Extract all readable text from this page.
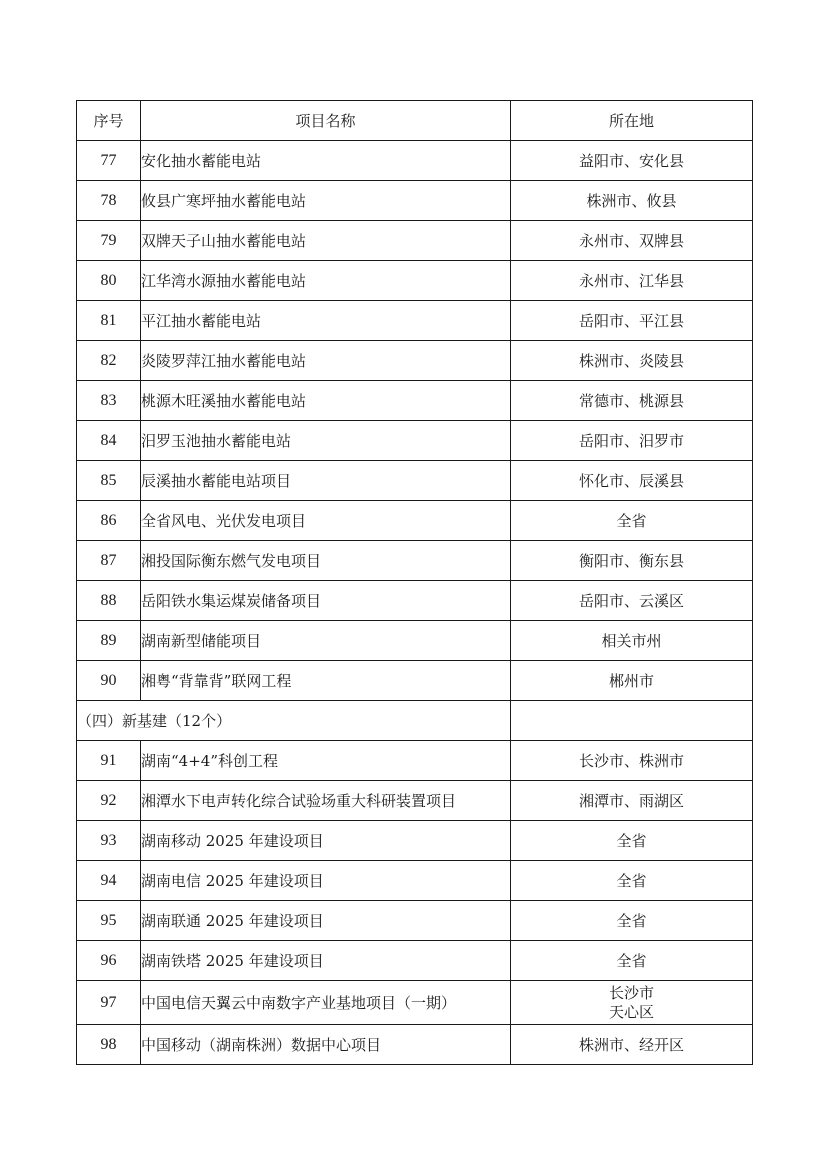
序号	项目名称	所在地
77	安化抽水蓄能电站	益阳市、安化县
78	攸县广寒坪抽水蓄能电站	株洲市、攸县
79	双牌天子山抽水蓄能电站	永州市、双牌县
80	江华湾水源抽水蓄能电站	永州市、江华县
81	平江抽水蓄能电站	岳阳市、平江县
82	炎陵罗萍江抽水蓄能电站	株洲市、炎陵县
83	桃源木旺溪抽水蓄能电站	常德市、桃源县
84	汨罗玉池抽水蓄能电站	岳阳市、汨罗市
85	辰溪抽水蓄能电站项目	怀化市、辰溪县
86	全省风电、光伏发电项目	全省
87	湘投国际衡东燃气发电项目	衡阳市、衡东县
88	岳阳铁水集运煤炭储备项目	岳阳市、云溪区
89	湖南新型储能项目	相关市州
90	湘粤“背靠背”联网工程	郴州市
（四）新基建（12个）		
91	湖南“4+4”科创工程	长沙市、株洲市
92	湘潭水下电声转化综合试验场重大科研装置项目	湘潭市、雨湖区
93	湖南移动 2025 年建设项目	全省
94	湖南电信 2025 年建设项目	全省
95	湖南联通 2025 年建设项目	全省
96	湖南铁塔 2025 年建设项目	全省
97	中国电信天翼云中南数字产业基地项目（一期）	长沙市
天心区

98	中国移动（湖南株洲）数据中心项目	株洲市、经开区
